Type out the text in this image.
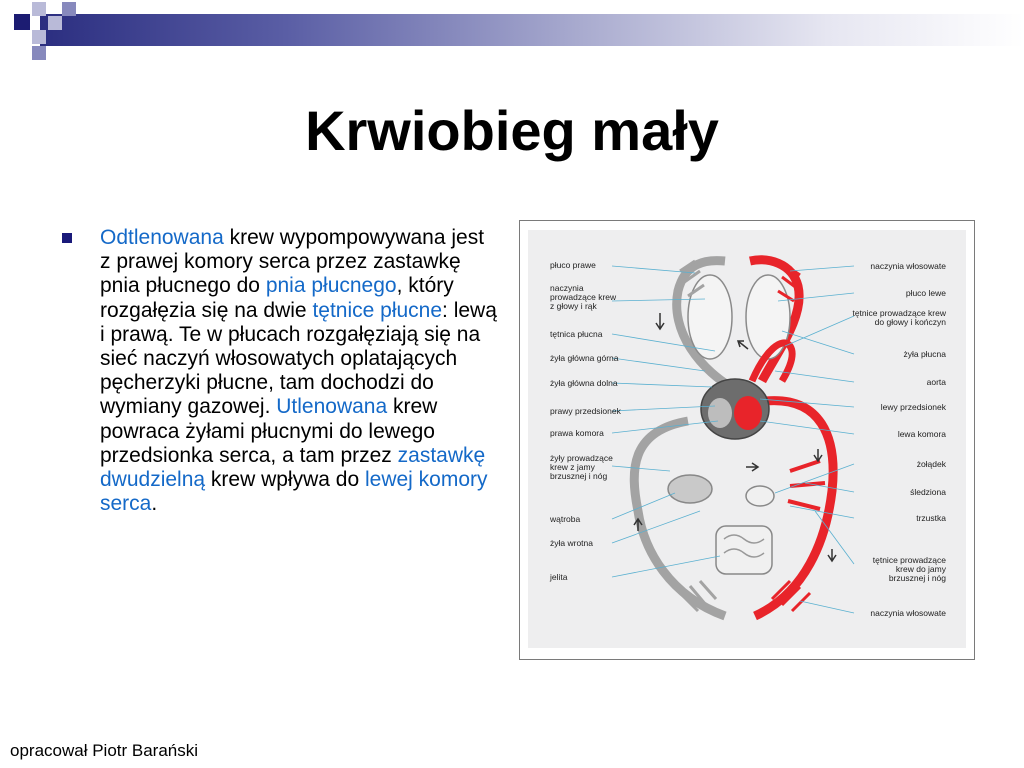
Krwiobieg mały

Odtlenowana krew wypompowywana jest z prawej komory serca przez zastawkę pnia płucnego do pnia płucnego, który rozgałęzia się na dwie tętnice płucne: lewą i prawą. Te w płucach rozgałęziają się na sieć naczyń włosowatych oplatających pęcherzyki płucne, tam dochodzi do wymiany gazowej. Utlenowana krew powraca żyłami płucnymi do lewego przedsionka serca, a tam przez zastawkę dwudzielną krew wpływa do lewej komory serca.

płuco prawe
naczynia prowadzące krew z głowy i rąk
tętnica płucna
żyła główna górna
żyła główna dolna
prawy przedsionek
prawa komora
żyły prowadzące krew z jamy brzusznej i nóg
wątroba
żyła wrotna
jelita
naczynia włosowate
płuco lewe
tętnice prowadzące krew do głowy i kończyn
żyła płucna
aorta
lewy przedsionek
lewa komora
żołądek
śledziona
trzustka
tętnice prowadzące krew do jamy brzusznej i nóg
naczynia włosowate

opracował Piotr Barański
